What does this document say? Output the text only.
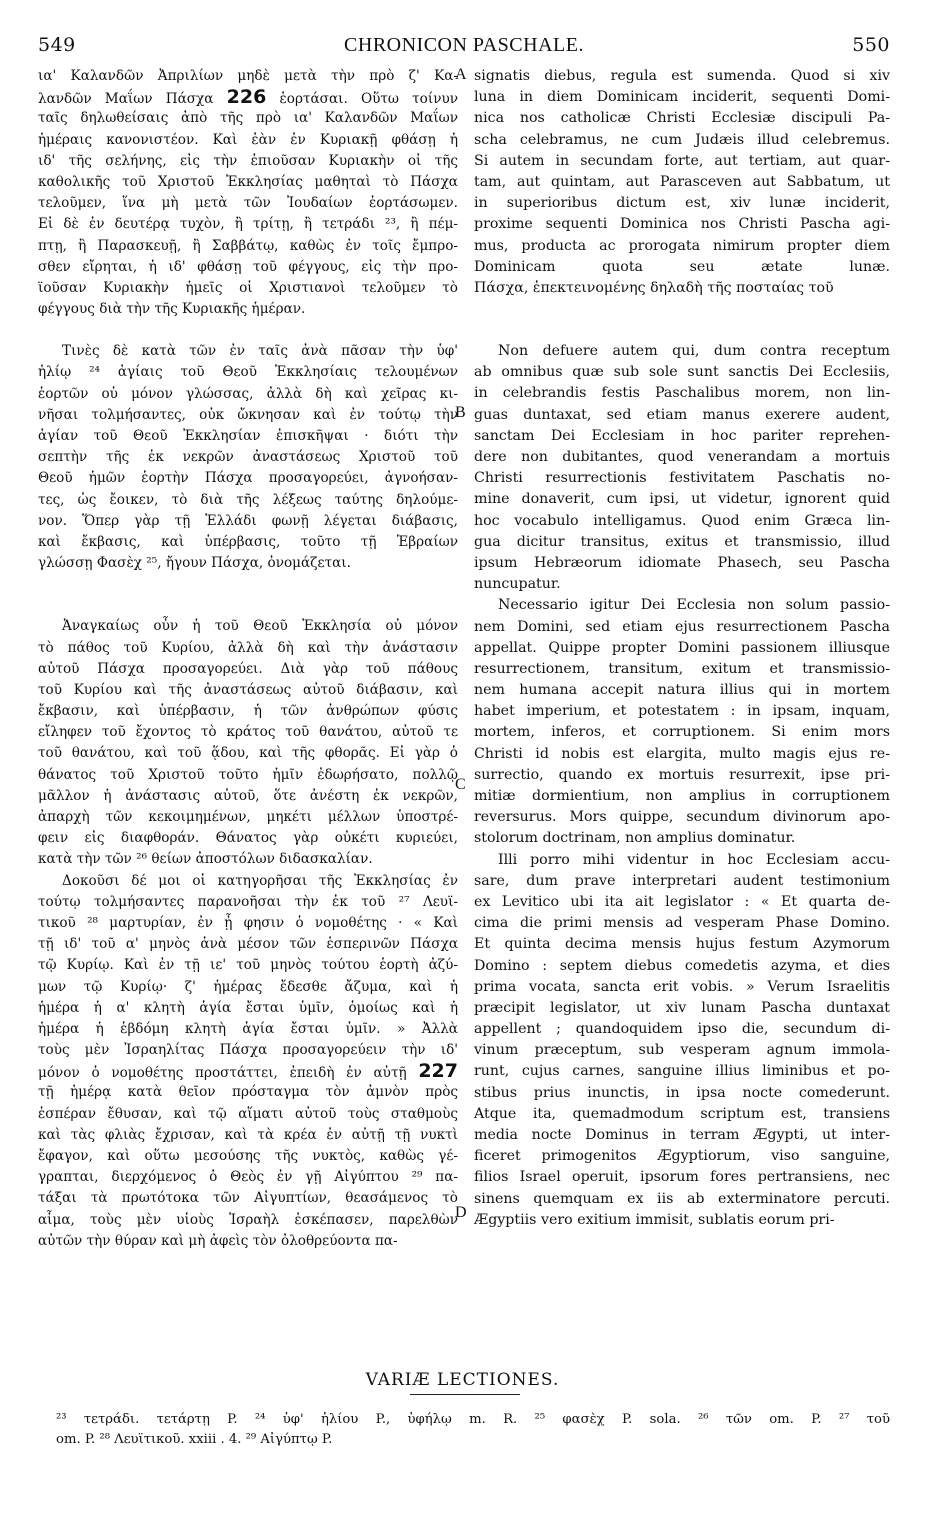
549	CHRONICON PASCHALE.	550
ια' Καλανδῶν Ἀπριλίων μηδὲ μετὰ τὴν πρὸ ζ' Κα-
λανδῶν Μαΐων Πάσχα 226 ἑορτάσαι. Οὕτω τοίνυν
ταῖς δηλωθείσαις ἀπὸ τῆς πρὸ ια' Καλανδῶν Μαΐων
ἡμέραις κανονιστέον. Καὶ ἐὰν ἐν Κυριακῇ φθάσῃ ἡ
ιδ' τῆς σελήνης, εἰς τὴν ἐπιοῦσαν Κυριακὴν οἱ τῆς
καθολικῆς τοῦ Χριστοῦ Ἐκκλησίας μαθηταὶ τὸ Πάσχα
τελοῦμεν, ἵνα μὴ μετὰ τῶν Ἰουδαίων ἑορτάσωμεν.
Εἰ δὲ ἐν δευτέρᾳ τυχὸν, ἢ τρίτῃ, ἢ τετράδι ²³, ἢ πέμ-
πτῃ, ἢ Παρασκευῇ, ἢ Σαββάτῳ, καθὼς ἐν τοῖς ἔμπρο-
σθεν εἴρηται, ἡ ιδ' φθάσῃ τοῦ φέγγους, εἰς τὴν προ-
ϊοῦσαν Κυριακὴν ἡμεῖς οἱ Χριστιανοὶ τελοῦμεν τὸ
φέγγους διὰ τὴν τῆς Κυριακῆς ἡμέραν.
Τινὲς δὲ κατὰ τῶν ἐν ταῖς ἀνὰ πᾶσαν τὴν ὑφ'
ἡλίῳ ²⁴ ἁγίαις τοῦ Θεοῦ Ἐκκλησίαις τελουμένων
ἑορτῶν οὐ μόνον γλώσσας, ἀλλὰ δὴ καὶ χεῖρας κι-
νῆσαι τολμήσαντες, οὐκ ὤκνησαν καὶ ἐν τούτῳ τὴν
ἁγίαν τοῦ Θεοῦ Ἐκκλησίαν ἐπισκῆψαι · διότι τὴν
σεπτὴν τῆς ἐκ νεκρῶν ἀναστάσεως Χριστοῦ τοῦ
Θεοῦ ἡμῶν ἑορτὴν Πάσχα προσαγορεύει, ἀγνοήσαν-
τες, ὡς ἔοικεν, τὸ διὰ τῆς λέξεως ταύτης δηλούμε-
νον. Ὅπερ γὰρ τῇ Ἑλλάδι φωνῇ λέγεται διάβασις,
καὶ ἔκβασις, καὶ ὑπέρβασις, τοῦτο τῇ Ἑβραίων
γλώσσῃ Φασὲχ ²⁵, ἤγουν Πάσχα, ὀνομάζεται.
Ἀναγκαίως οὖν ἡ τοῦ Θεοῦ Ἐκκλησία οὐ μόνον
τὸ πάθος τοῦ Κυρίου, ἀλλὰ δὴ καὶ τὴν ἀνάστασιν
αὐτοῦ Πάσχα προσαγορεύει. Διὰ γὰρ τοῦ πάθους
τοῦ Κυρίου καὶ τῆς ἀναστάσεως αὐτοῦ διάβασιν, καὶ
ἔκβασιν, καὶ ὑπέρβασιν, ἡ τῶν ἀνθρώπων φύσις
εἴληφεν τοῦ ἔχοντος τὸ κράτος τοῦ θανάτου, αὐτοῦ τε
τοῦ θανάτου, καὶ τοῦ ᾅδου, καὶ τῆς φθορᾶς. Εἰ γὰρ ὁ
θάνατος τοῦ Χριστοῦ τοῦτο ἡμῖν ἐδωρήσατο, πολλῷ
μᾶλλον ἡ ἀνάστασις αὐτοῦ, ὅτε ἀνέστη ἐκ νεκρῶν,
ἀπαρχὴ τῶν κεκοιμημένων, μηκέτι μέλλων ὑποστρέ-
φειν εἰς διαφθοράν. Θάνατος γὰρ οὐκέτι κυριεύει,
κατὰ τὴν τῶν ²⁶ θείων ἀποστόλων διδασκαλίαν.
Δοκοῦσι δέ μοι οἱ κατηγορῆσαι τῆς Ἐκκλησίας ἐν
τούτῳ τολμήσαντες παρανοῆσαι τὴν ἐκ τοῦ ²⁷ Λευϊ-
τικοῦ ²⁸ μαρτυρίαν, ἐν ᾗ φησιν ὁ νομοθέτης · « Καὶ
τῇ ιδ' τοῦ α' μηνὸς ἀνὰ μέσον τῶν ἑσπερινῶν Πάσχα
τῷ Κυρίῳ. Καὶ ἐν τῇ ιε' τοῦ μηνὸς τούτου ἑορτὴ ἀζύ-
μων τῷ Κυρίῳ· ζ' ἡμέρας ἔδεσθε ἄζυμα, καὶ ἡ
ἡμέρα ἡ α' κλητὴ ἁγία ἔσται ὑμῖν, ὁμοίως καὶ ἡ
ἡμέρα ἡ ἑβδόμη κλητὴ ἁγία ἔσται ὑμῖν. » Ἀλλὰ
τοὺς μὲν Ἰσραηλίτας Πάσχα προσαγορεύειν τὴν ιδ'
μόνον ὁ νομοθέτης προστάττει, ἐπειδὴ ἐν αὐτῇ 227
τῇ ἡμέρᾳ κατὰ θεῖον πρόσταγμα τὸν ἀμνὸν πρὸς
ἑσπέραν ἔθυσαν, καὶ τῷ αἵματι αὐτοῦ τοὺς σταθμοὺς
καὶ τὰς φλιὰς ἔχρισαν, καὶ τὰ κρέα ἐν αὐτῇ τῇ νυκτὶ
ἔφαγον, καὶ οὕτω μεσούσης τῆς νυκτὸς, καθὼς γέ-
γραπται, διερχόμενος ὁ Θεὸς ἐν γῇ Αἰγύπτου ²⁹ πα-
τάξαι τὰ πρωτότοκα τῶν Αἰγυπτίων, θεασάμενος τὸ
αἷμα, τοὺς μὲν υἱοὺς Ἰσραὴλ ἐσκέπασεν, παρελθὼν
αὐτῶν τὴν θύραν καὶ μὴ ἀφεὶς τὸν ὀλοθρεύοντα πα-
signatis diebus, regula est sumenda. Quod si xiv
luna in diem Dominicam inciderit, sequenti Domi-
nica nos catholicæ Christi Ecclesiæ discipuli Pa-
scha celebramus, ne cum Judæis illud celebremus.
Si autem in secundam forte, aut tertiam, aut quar-
tam, aut quintam, aut Parasceven aut Sabbatum, ut
in superioribus dictum est, xiv lunæ inciderit,
proxime sequenti Dominica nos Christi Pascha agi-
mus, producta ac prorogata nimirum propter diem
Dominicam quota seu ætate lunæ.
Πάσχα, ἐπεκτεινομένης δηλαδὴ τῆς ποσταίας τοῦ
Non defuere autem qui, dum contra receptum
ab omnibus quæ sub sole sunt sanctis Dei Ecclesiis,
in celebrandis festis Paschalibus morem, non lin-
guas duntaxat, sed etiam manus exerere audent,
sanctam Dei Ecclesiam in hoc pariter reprehen-
dere non dubitantes, quod venerandam a mortuis
Christi resurrectionis festivitatem Paschatis no-
mine donaverit, cum ipsi, ut videtur, ignorent quid
hoc vocabulo intelligamus. Quod enim Græca lin-
gua dicitur transitus, exitus et transmissio, illud
ipsum Hebræorum idiomate Phasech, seu Pascha
nuncupatur.
Necessario igitur Dei Ecclesia non solum passio-
nem Domini, sed etiam ejus resurrectionem Pascha
appellat. Quippe propter Domini passionem illiusque
resurrectionem, transitum, exitum et transmissio-
nem humana accepit natura illius qui in mortem
habet imperium, et potestatem : in ipsam, inquam,
mortem, inferos, et corruptionem. Si enim mors
Christi id nobis est elargita, multo magis ejus re-
surrectio, quando ex mortuis resurrexit, ipse pri-
mitiæ dormientium, non amplius in corruptionem
reversurus. Mors quippe, secundum divinorum apo-
stolorum doctrinam, non amplius dominatur.
Illi porro mihi videntur in hoc Ecclesiam accu-
sare, dum prave interpretari audent testimonium
ex Levitico ubi ita ait legislator : « Et quarta de-
cima die primi mensis ad vesperam Phase Domino.
Et quinta decima mensis hujus festum Azymorum
Domino : septem diebus comedetis azyma, et dies
prima vocata, sancta erit vobis. » Verum Israelitis
præcipit legislator, ut xiv lunam Pascha duntaxat
appellent ; quandoquidem ipso die, secundum di-
vinum præceptum, sub vesperam agnum immola-
runt, cujus carnes, sanguine illius liminibus et po-
stibus prius inunctis, in ipsa nocte comederunt.
Atque ita, quemadmodum scriptum est, transiens
media nocte Dominus in terram Ægypti, ut inter-
ficeret primogenitos Ægyptiorum, viso sanguine,
filios Israel operuit, ipsorum fores pertransiens, nec
sinens quemquam ex iis ab exterminatore percuti.
Ægyptiis vero exitium immisit, sublatis eorum pri-
A
B
C
D
VARIÆ LECTIONES.
²³ τετράδι. τετάρτῃ P. ²⁴ ὑφ' ἡλίου P., ὑφήλῳ m. R. ²⁵ φασὲχ P. sola. ²⁶ τῶν om. P. ²⁷ τοῦ
om. P. ²⁸ Λευϊτικοῦ. xxiii . 4. ²⁹ Αἰγύπτῳ P.
